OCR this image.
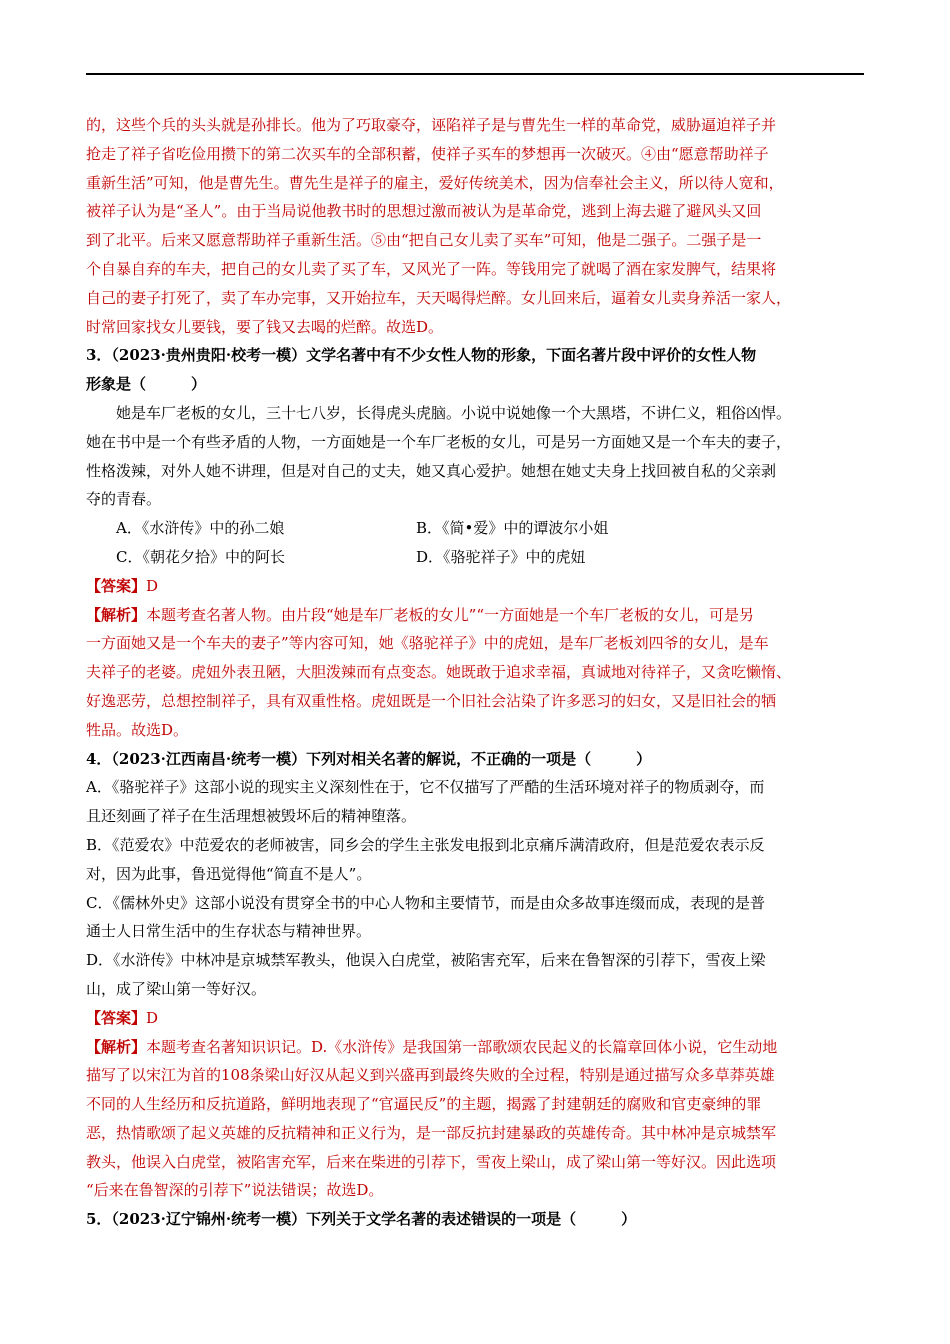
的，这些个兵的头头就是孙排长。他为了巧取豪夺，诬陷祥子是与曹先生一样的革命党，威胁逼迫祥子并
抢走了祥子省吃俭用攒下的第二次买车的全部积蓄，使祥子买车的梦想再一次破灭。④由“愿意帮助祥子
重新生活”可知，他是曹先生。曹先生是祥子的雇主，爱好传统美术，因为信奉社会主义，所以待人宽和，
被祥子认为是“圣人”。由于当局说他教书时的思想过激而被认为是革命党，逃到上海去避了避风头又回
到了北平。后来又愿意帮助祥子重新生活。⑤由“把自己女儿卖了买车”可知，他是二强子。二强子是一
个自暴自弃的车夫，把自己的女儿卖了买了车，又风光了一阵。等钱用完了就喝了酒在家发脾气，结果将
自己的妻子打死了，卖了车办完事，又开始拉车，天天喝得烂醉。女儿回来后，逼着女儿卖身养活一家人，
时常回家找女儿要钱，要了钱又去喝的烂醉。故选D。
3．（2023·贵州贵阳·校考一模）文学名著中有不少女性人物的形象，下面名著片段中评价的女性人物
形象是（　　　）
她是车厂老板的女儿，三十七八岁，长得虎头虎脑。小说中说她像一个大黑塔，不讲仁义，粗俗凶悍。
她在书中是一个有些矛盾的人物，一方面她是一个车厂老板的女儿，可是另一方面她又是一个车夫的妻子，
性格泼辣，对外人她不讲理，但是对自己的丈夫，她又真心爱护。她想在她丈夫身上找回被自私的父亲剥
夺的青春。
A．《水浒传》中的孙二娘	B．《简•爱》中的谭波尔小姐
C．《朝花夕拾》中的阿长	D．《骆驼祥子》中的虎妞
【答案】D
【解析】本题考查名著人物。由片段“她是车厂老板的女儿”“一方面她是一个车厂老板的女儿，可是另
一方面她又是一个车夫的妻子”等内容可知，她《骆驼祥子》中的虎妞，是车厂老板刘四爷的女儿，是车
夫祥子的老婆。虎妞外表丑陋，大胆泼辣而有点变态。她既敢于追求幸福，真诚地对待祥子，又贪吃懒惰、
好逸恶劳，总想控制祥子，具有双重性格。虎妞既是一个旧社会沾染了许多恶习的妇女，又是旧社会的牺
牲品。故选D。
4．（2023·江西南昌·统考一模）下列对相关名著的解说，不正确的一项是（　　　）
A．《骆驼祥子》这部小说的现实主义深刻性在于，它不仅描写了严酷的生活环境对祥子的物质剥夺，而
且还刻画了祥子在生活理想被毁坏后的精神堕落。
B．《范爱农》中范爱农的老师被害，同乡会的学生主张发电报到北京痛斥满清政府，但是范爱农表示反
对，因为此事，鲁迅觉得他“简直不是人”。
C．《儒林外史》这部小说没有贯穿全书的中心人物和主要情节，而是由众多故事连缀而成，表现的是普
通士人日常生活中的生存状态与精神世界。
D．《水浒传》中林冲是京城禁军教头，他误入白虎堂，被陷害充军，后来在鲁智深的引荐下，雪夜上梁
山，成了梁山第一等好汉。
【答案】D
【解析】本题考查名著知识识记。D.《水浒传》是我国第一部歌颂农民起义的长篇章回体小说，它生动地
描写了以宋江为首的108条梁山好汉从起义到兴盛再到最终失败的全过程，特别是通过描写众多草莽英雄
不同的人生经历和反抗道路，鲜明地表现了“官逼民反”的主题，揭露了封建朝廷的腐败和官吏豪绅的罪
恶，热情歌颂了起义英雄的反抗精神和正义行为，是一部反抗封建暴政的英雄传奇。其中林冲是京城禁军
教头，他误入白虎堂，被陷害充军，后来在柴进的引荐下，雪夜上梁山，成了梁山第一等好汉。因此选项
“后来在鲁智深的引荐下”说法错误；故选D。
5．（2023·辽宁锦州·统考一模）下列关于文学名著的表述错误的一项是（　　　）
